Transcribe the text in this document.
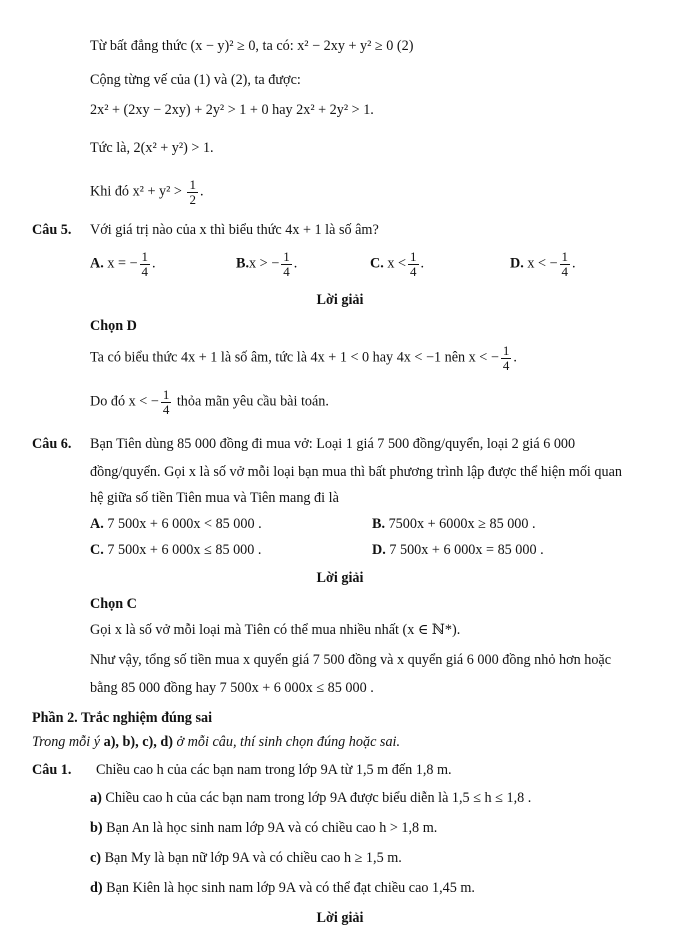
Từ bất đẳng thức (x − y)² ≥ 0, ta có: x² − 2xy + y² ≥ 0 (2)
Cộng từng vế của (1) và (2), ta được:
2x² + (2xy − 2xy) + 2y² > 1 + 0 hay 2x² + 2y² > 1.
Tức là, 2(x² + y²) > 1.
Khi đó $x^2 + y^2 > \frac{1}{2}$ .
Câu 5. Với giá trị nào của x thì biểu thức 4x + 1 là số âm?
A. x = − $\frac{1}{4}$ .	B.x > − $\frac{1}{4}$ .	C. $x < \frac{1}{4}$ .	D. x < − $\frac{1}{4}$ .
Lời giải
Chọn D
Ta có biểu thức 4x + 1 là số âm, tức là 4x + 1 < 0 hay 4x < −1 nên x < − $\frac{1}{4}$ .
Do đó x < − $\frac{1}{4}$ thỏa mãn yêu cầu bài toán.
Câu 6. Bạn Tiên dùng 85 000 đồng đi mua vở: Loại 1 giá 7 500 đồng/quyển, loại 2 giá 6 000
đồng/quyển. Gọi x là số vở mỗi loại bạn mua thì bất phương trình lập được thể hiện mối quan
hệ giữa số tiền Tiên mua và Tiên mang đi là
A. 7 500x + 6 000x < 85 000 .	B. 7500x + 6000x ≥ 85 000 .
C. 7 500x + 6 000x ≤ 85 000 .	D. 7 500x + 6 000x = 85 000 .
Lời giải
Chọn C
Gọi x là số vở mỗi loại mà Tiên có thể mua nhiều nhất (x ∈ ℕ*).
Như vậy, tổng số tiền mua x quyển giá 7 500 đồng và x quyển giá 6 000 đồng nhỏ hơn hoặc
bằng 85 000 đồng hay 7 500x + 6 000x ≤ 85 000 .
Phần 2. Trắc nghiệm đúng sai
Trong mỗi ý a), b), c), d) ở mỗi câu, thí sinh chọn đúng hoặc sai.
Câu 1. Chiều cao h của các bạn nam trong lớp 9A từ 1,5 m đến 1,8 m.
a) Chiều cao h của các bạn nam trong lớp 9A được biểu diễn là 1,5 ≤ h ≤ 1,8 .
b) Bạn An là học sinh nam lớp 9A và có chiều cao h > 1,8 m.
c) Bạn My là bạn nữ lớp 9A và có chiều cao h ≥ 1,5 m.
d) Bạn Kiên là học sinh nam lớp 9A và có thể đạt chiều cao 1,45 m.
Lời giải
